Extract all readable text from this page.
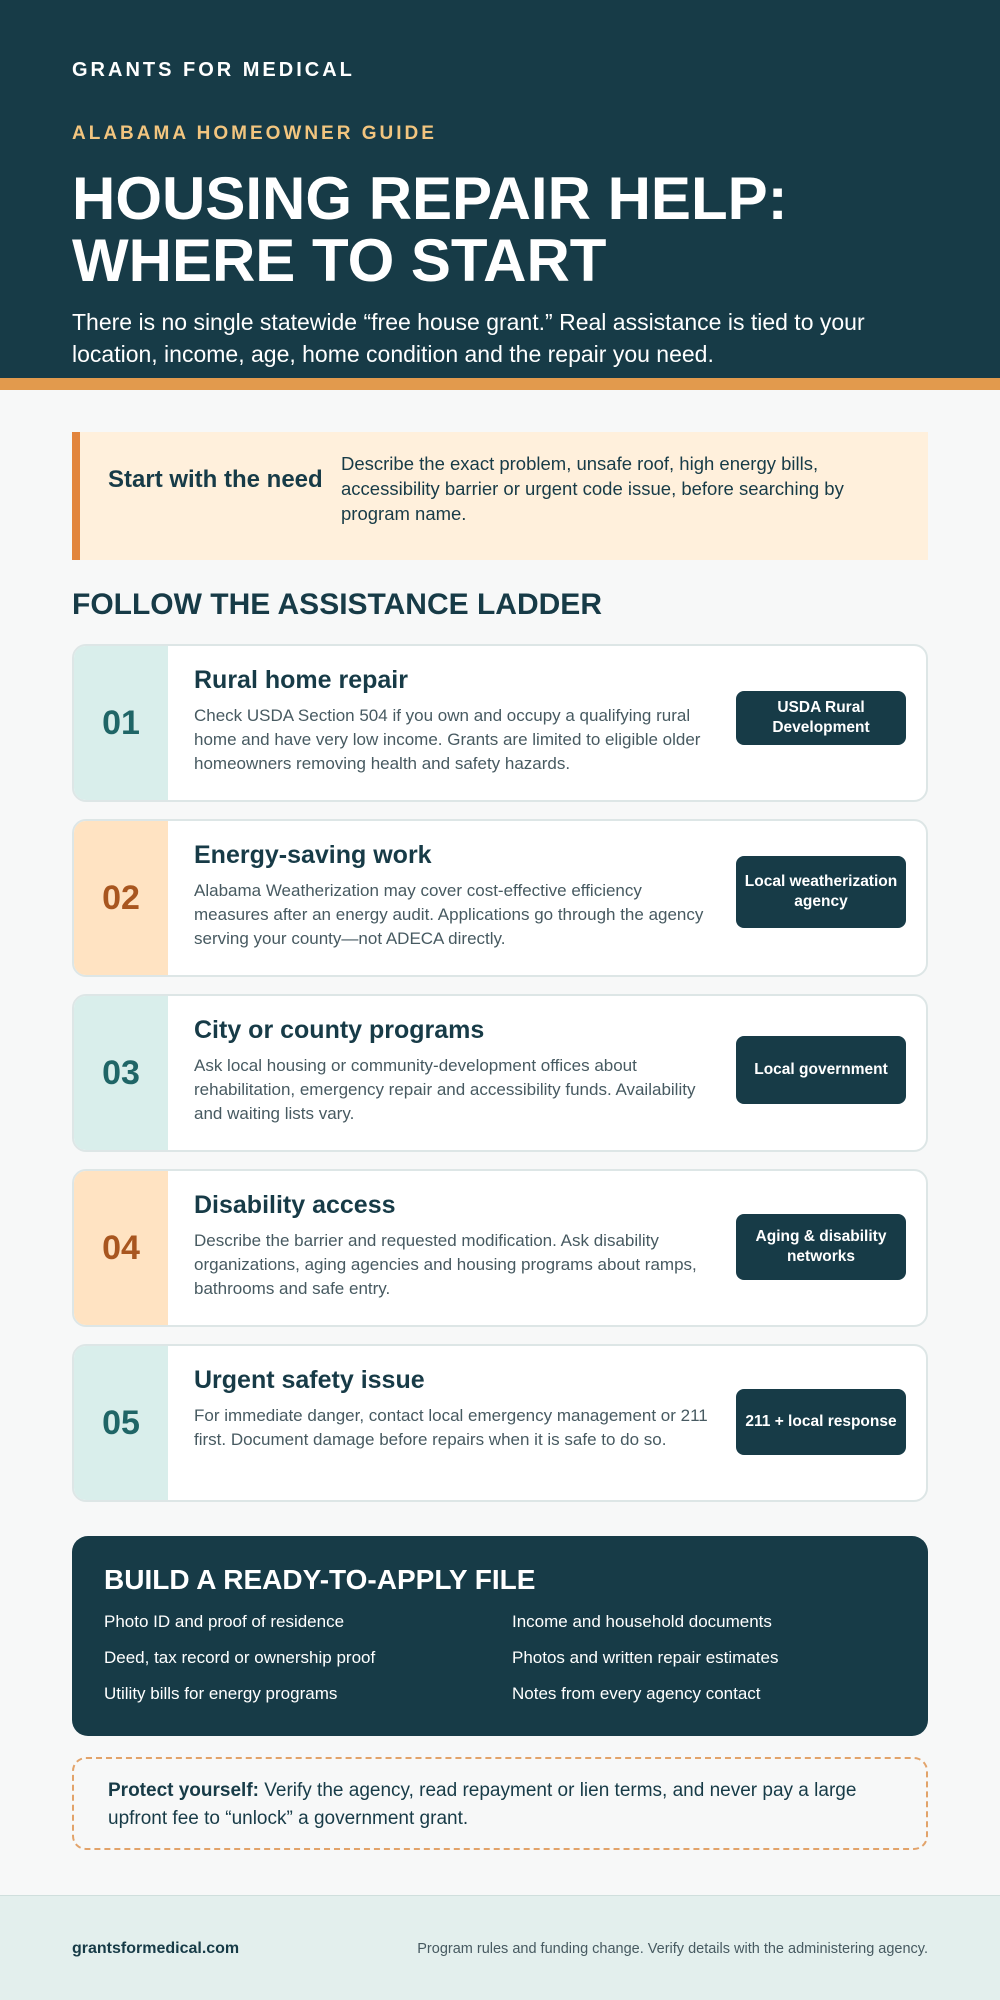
GRANTS FOR MEDICAL
ALABAMA HOMEOWNER GUIDE
HOUSING REPAIR HELP: WHERE TO START

There is no single statewide “free house grant.” Real assistance is tied to your location, income, age, home condition and the repair you need.

Start with the need
Describe the exact problem, unsafe roof, high energy bills, accessibility barrier or urgent code issue, before searching by program name.
FOLLOW THE ASSISTANCE LADDER
01
Rural home repair
Check USDA Section 504 if you own and occupy a qualifying rural home and have very low income. Grants are limited to eligible older homeowners removing health and safety hazards.
USDA Rural Development
02
Energy-saving work
Alabama Weatherization may cover cost-effective efficiency measures after an energy audit. Applications go through the agency serving your county—not ADECA directly.
Local weatherization agency
03
City or county programs
Ask local housing or community-development offices about rehabilitation, emergency repair and accessibility funds. Availability and waiting lists vary.
Local government
04
Disability access
Describe the barrier and requested modification. Ask disability organizations, aging agencies and housing programs about ramps, bathrooms and safe entry.
Aging & disability networks
05
Urgent safety issue
For immediate danger, contact local emergency management or 211 first. Document damage before repairs when it is safe to do so.
211 + local response
BUILD A READY-TO-APPLY FILE
Photo ID and proof of residence	Income and household documents
Deed, tax record or ownership proof	Photos and written repair estimates
Utility bills for energy programs	Notes from every agency contact
Protect yourself: Verify the agency, read repayment or lien terms, and never pay a large upfront fee to “unlock” a government grant.
grantsformedical.com	Program rules and funding change. Verify details with the administering agency.
